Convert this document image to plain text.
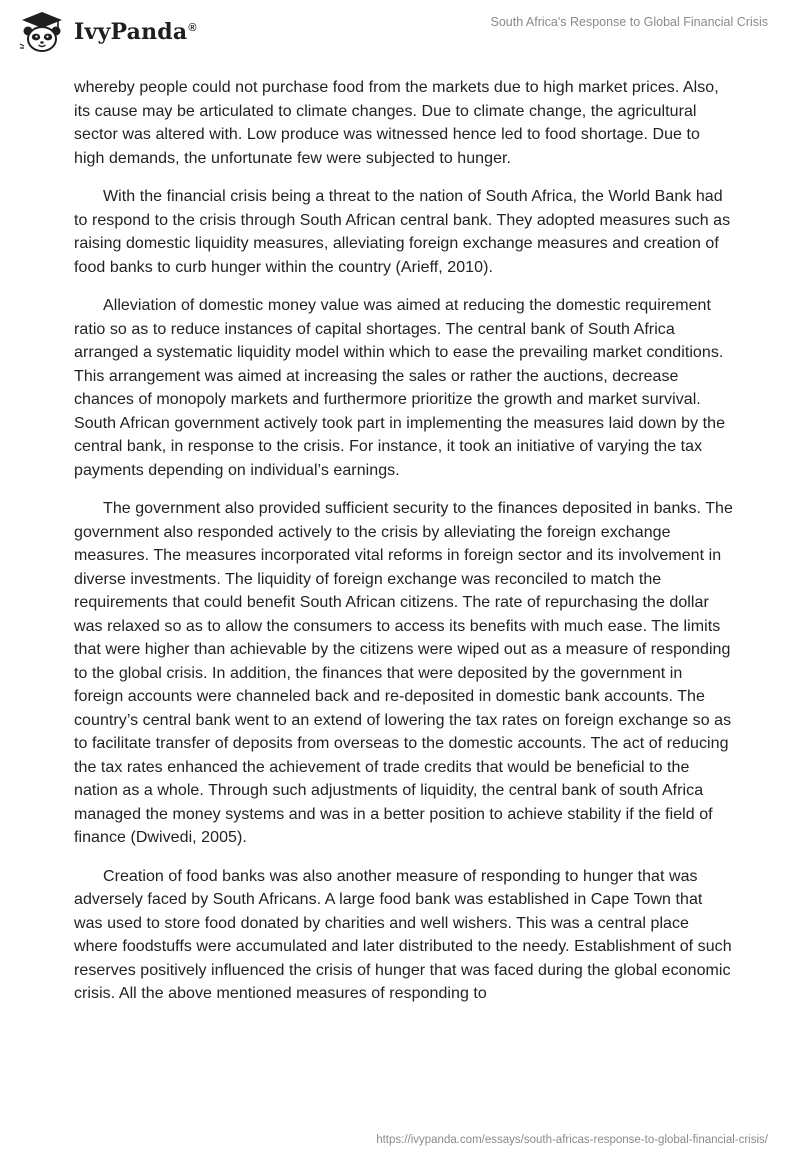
IvyPanda®	South Africa's Response to Global Financial Crisis

whereby people could not purchase food from the markets due to high market prices. Also, its cause may be articulated to climate changes. Due to climate change, the agricultural sector was altered with. Low produce was witnessed hence led to food shortage. Due to high demands, the unfortunate few were subjected to hunger.

With the financial crisis being a threat to the nation of South Africa, the World Bank had to respond to the crisis through South African central bank. They adopted measures such as raising domestic liquidity measures, alleviating foreign exchange measures and creation of food banks to curb hunger within the country (Arieff, 2010).

Alleviation of domestic money value was aimed at reducing the domestic requirement ratio so as to reduce instances of capital shortages. The central bank of South Africa arranged a systematic liquidity model within which to ease the prevailing market conditions. This arrangement was aimed at increasing the sales or rather the auctions, decrease chances of monopoly markets and furthermore prioritize the growth and market survival. South African government actively took part in implementing the measures laid down by the central bank, in response to the crisis. For instance, it took an initiative of varying the tax payments depending on individual’s earnings.

The government also provided sufficient security to the finances deposited in banks. The government also responded actively to the crisis by alleviating the foreign exchange measures. The measures incorporated vital reforms in foreign sector and its involvement in diverse investments. The liquidity of foreign exchange was reconciled to match the requirements that could benefit South African citizens. The rate of repurchasing the dollar was relaxed so as to allow the consumers to access its benefits with much ease. The limits that were higher than achievable by the citizens were wiped out as a measure of responding to the global crisis. In addition, the finances that were deposited by the government in foreign accounts were channeled back and re-deposited in domestic bank accounts. The country’s central bank went to an extend of lowering the tax rates on foreign exchange so as to facilitate transfer of deposits from overseas to the domestic accounts. The act of reducing the tax rates enhanced the achievement of trade credits that would be beneficial to the nation as a whole. Through such adjustments of liquidity, the central bank of south Africa managed the money systems and was in a better position to achieve stability if the field of finance (Dwivedi, 2005).

Creation of food banks was also another measure of responding to hunger that was adversely faced by South Africans. A large food bank was established in Cape Town that was used to store food donated by charities and well wishers. This was a central place where foodstuffs were accumulated and later distributed to the needy. Establishment of such reserves positively influenced the crisis of hunger that was faced during the global economic crisis. All the above mentioned measures of responding to

https://ivypanda.com/essays/south-africas-response-to-global-financial-crisis/
